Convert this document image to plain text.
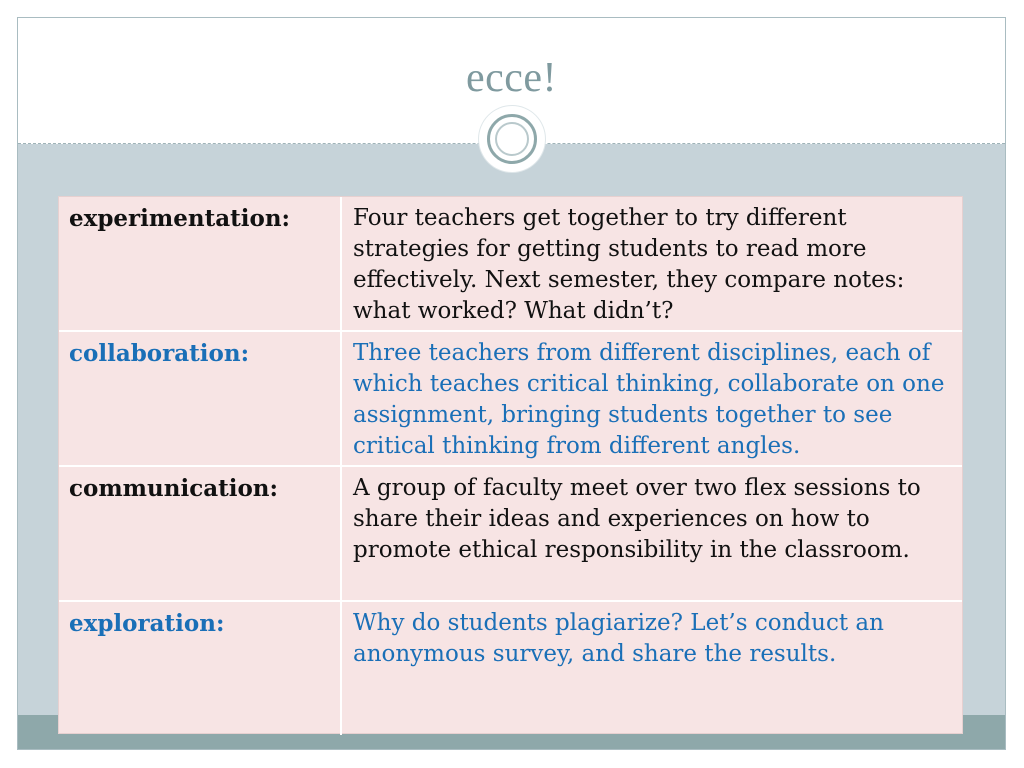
ecce!
experimentation:	Four teachers get together to try different strategies for getting students to read more effectively. Next semester, they compare notes: what worked? What didn’t?
collaboration:	Three teachers from different disciplines, each of which teaches critical thinking, collaborate on one assignment, bringing students together to see critical thinking from different angles.
communication:	A group of faculty meet over two flex sessions to share their ideas and experiences on how to promote ethical responsibility in the classroom.
exploration:	Why do students plagiarize? Let’s conduct an anonymous survey, and share the results.
